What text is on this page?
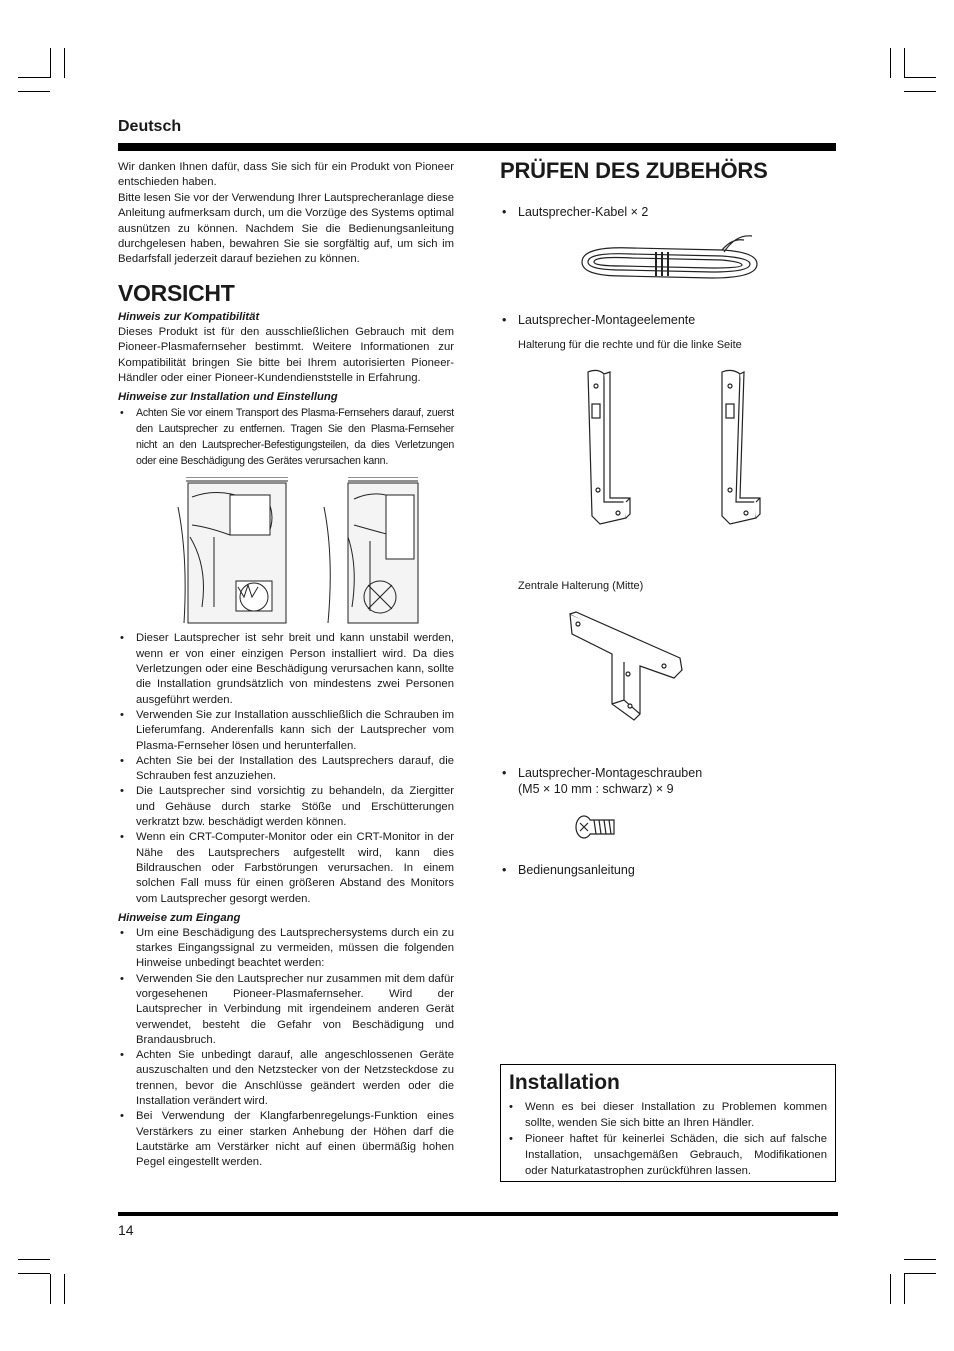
Deutsch

Wir danken Ihnen dafür, dass Sie sich für ein Produkt von Pioneer entschieden haben.

Bitte lesen Sie vor der Verwendung Ihrer Lautsprecheranlage diese Anleitung aufmerksam durch, um die Vorzüge des Systems optimal ausnützen zu können. Nachdem Sie die Bedienungsanleitung durchgelesen haben, bewahren Sie sie sorgfältig auf, um sich im Bedarfsfall jederzeit darauf beziehen zu können.

VORSICHT
Hinweis zur Kompatibilität

Dieses Produkt ist für den ausschließlichen Gebrauch mit dem Pioneer-Plasmafernseher bestimmt. Weitere Informationen zur Kompatibilität bringen Sie bitte bei Ihrem autorisierten Pioneer-Händler oder einer Pioneer-Kundendienststelle in Erfahrung.

Hinweise zur Installation und Einstellung
• Achten Sie vor einem Transport des Plasma-Fernsehers darauf, zuerst den Lautsprecher zu entfernen. Tragen Sie den Plasma-Fernseher nicht an den Lautsprecher-Befestigungsteilen, da dies Verletzungen oder eine Beschädigung des Gerätes verursachen kann.
• Dieser Lautsprecher ist sehr breit und kann unstabil werden, wenn er von einer einzigen Person installiert wird. Da dies Verletzungen oder eine Beschädigung verursachen kann, sollte die Installation grundsätzlich von mindestens zwei Personen ausgeführt werden.
• Verwenden Sie zur Installation ausschließlich die Schrauben im Lieferumfang. Anderenfalls kann sich der Lautsprecher vom Plasma-Fernseher lösen und herunterfallen.
• Achten Sie bei der Installation des Lautsprechers darauf, die Schrauben fest anzuziehen.
• Die Lautsprecher sind vorsichtig zu behandeln, da Ziergitter und Gehäuse durch starke Stöße und Erschütterungen verkratzt bzw. beschädigt werden können.
• Wenn ein CRT-Computer-Monitor oder ein CRT-Monitor in der Nähe des Lautsprechers aufgestellt wird, kann dies Bildrauschen oder Farbstörungen verursachen. In einem solchen Fall muss für einen größeren Abstand des Monitors vom Lautsprecher gesorgt werden.
Hinweise zum Eingang
• Um eine Beschädigung des Lautsprechersystems durch ein zu starkes Eingangssignal zu vermeiden, müssen die folgenden Hinweise unbedingt beachtet werden:
• Verwenden Sie den Lautsprecher nur zusammen mit dem dafür vorgesehenen Pioneer-Plasmafernseher. Wird der Lautsprecher in Verbindung mit irgendeinem anderen Gerät verwendet, besteht die Gefahr von Beschädigung und Brandausbruch.
• Achten Sie unbedingt darauf, alle angeschlossenen Geräte auszuschalten und den Netzstecker von der Netzsteckdose zu trennen, bevor die Anschlüsse geändert werden oder die Installation verändert wird.
• Bei Verwendung der Klangfarbenregelungs-Funktion eines Verstärkers zu einer starken Anhebung der Höhen darf die Lautstärke am Verstärker nicht auf einen übermäßig hohen Pegel eingestellt werden.
PRÜFEN DES ZUBEHÖRS
• Lautsprecher-Kabel × 2
• Lautsprecher-Montageelemente
Halterung für die rechte und für die linke Seite
Zentrale Halterung (Mitte)
• Lautsprecher-Montageschrauben
(M5 × 10 mm : schwarz) × 9
• Bedienungsanleitung
Installation
• Wenn es bei dieser Installation zu Problemen kommen sollte, wenden Sie sich bitte an Ihren Händler.
• Pioneer haftet für keinerlei Schäden, die sich auf falsche Installation, unsachgemäßen Gebrauch, Modifikationen oder Naturkatastrophen zurückführen lassen.
14
